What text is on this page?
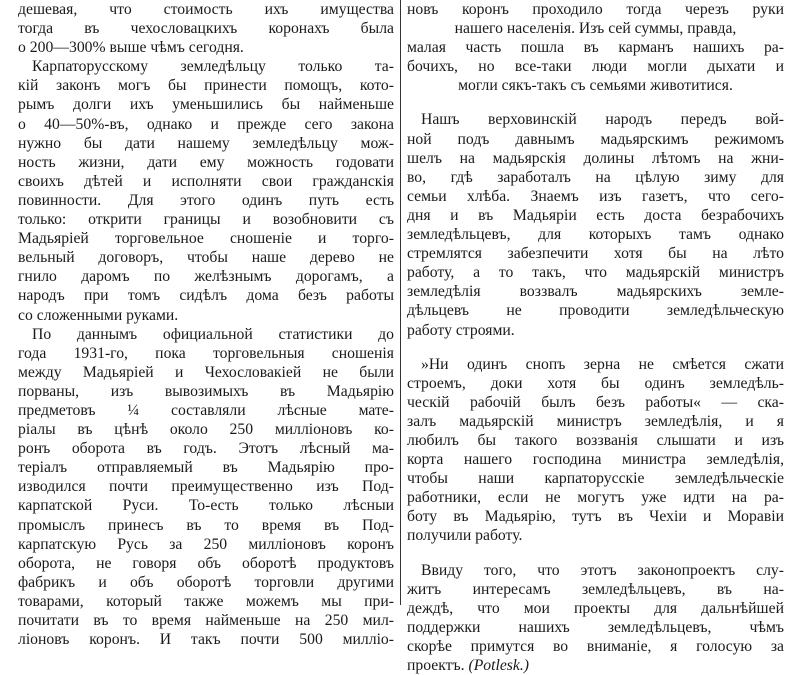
дешевая, что стоимость ихъ имущества
тогда въ чехословацкихъ коронахъ была
о 200—300% выше чѣмъ сегодня.

Карпаторусскому земледѣльцу только та-
кій законъ могъ бы принести помощъ, кото-
рымъ долги ихъ уменьшились бы наймeньше
о 40—50%-въ, однако и прежде сего закона
нужно бы дати нашему земледѣльцу мож-
ность жизни, дати ему можность годовати
своихъ дѣтей и исполняти свои гражданскія
повинности. Для этого одинъ путь есть
только: открити границы и возобновити съ
Мадьяріей торговельное сношеніе и торго-
вельный договоръ, чтобы наше дерево не
гнило даромъ по желѣзнымъ дорогамъ, а
народъ при томъ сидѣлъ дома безъ работы
со сложенными руками.

По даннымъ официальной статистики до
года 1931-го, пока торговельныя сношенія
между Мадьяріей и Чехословакіей не были
порваны, изъ вывозимыхъ въ Мадьярію
предметовъ ¼ составляли лѣсные мате-
ріалы въ цѣнѣ около 250 милліоновъ ко-
ронъ оборота въ годъ. Этотъ лѣсный ма-
теріалъ отправляемый въ Мадьярію про-
изводился почти преимущественно изъ Под-
карпатской Руси. То-есть только лѣсныи
промыслъ принесъ въ то время въ Под-
карпатскую Русь за 250 милліоновъ коронъ
оборота, не говоря объ оборотѣ продуктовъ
фабрикъ и объ оборотѣ торговли другими
товарами, который также можемъ мы при-
почитати въ то время наймeньше на 250 мил-
ліоновъ коронъ. И такъ почти 500 милліо-

новъ коронъ проходило тогда черезъ руки
нашего населенія. Изъ сей суммы, правда,
малая часть пошла въ карманъ нашихъ ра-
бочихъ, но все-таки люди могли дыхати и
могли сякъ-такъ съ семьями животитися.

Нашъ верховинскій народъ передъ вой-
ной подъ давнымъ мадьярскимъ режимомъ
шелъ на мадьярскія долины лѣтомъ на жни-
во, гдѣ заработалъ на цѣлую зиму для
семьи хлѣба. Знаемъ изъ газетъ, что сего-
дня и въ Мадьяріи есть доста безрабочихъ
земледѣльцевъ, для которыхъ тамъ однако
стремлятся забезпечити хотя бы на лѣто
работу, а то такъ, что мадьярскій министръ
земледѣлія воззвалъ мадьярскихъ земле-
дѣльцевъ не проводити земледѣльческую
работу строями.

»Ни одинъ снопъ зерна не смѣется сжати
строемъ, доки хотя бы одинъ земледѣль-
ческій рабочій былъ безъ работы« — ска-
залъ мадьярскій министръ земледѣлія, и я
любилъ бы такого воззванія слышати и изъ
корта нашего господина министра земледѣлія,
чтобы наши карпаторусскіе земледѣльческіе
работники, если не могутъ уже идти на ра-
боту въ Мадьярію, тутъ въ Чехіи и Моравіи
получили работу.

Ввиду того, что этотъ законопроектъ слу-
житъ интересамъ земледѣльцевъ, въ на-
деждѣ, что мои проекты для дальнѣйшей
поддержки нашихъ земледѣльцевъ, чѣмъ
скорѣе примутся во вниманіе, я голосую за
проектъ. (Potlesk.)
